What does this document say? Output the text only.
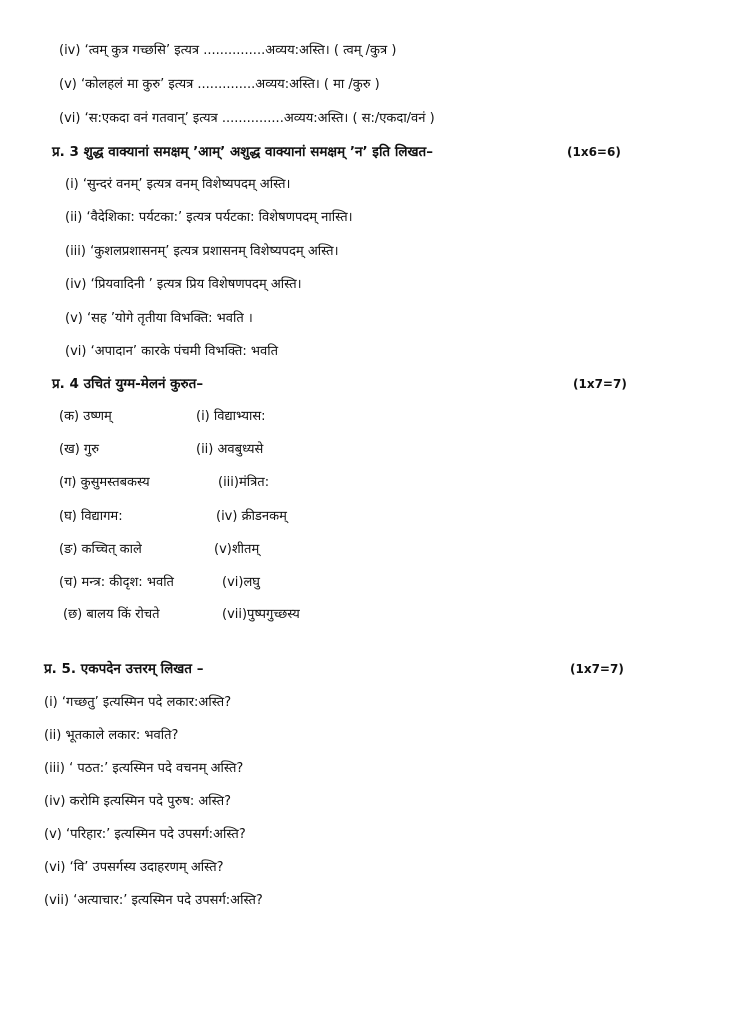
(iv) ‘त्वम् कुत्र गच्छसि’ इत्यत्र ...............अव्यय:अस्ति। ( त्वम् /कुत्र )
(v) ‘कोलहलं मा कुरु’ इत्यत्र ..............अव्यय:अस्ति। ( मा /कुरु )
(vi) ‘स:एकदा वनं गतवान्’ इत्यत्र ...............अव्यय:अस्ति। ( स:/एकदा/वनं )
प्र. 3 शुद्ध वाक्यानां समक्षम् ’आम्’ अशुद्ध वाक्यानां समक्षम् ’न’ इति लिखत–	(1x6=6)
(i) ‘सुन्दरं वनम्’ इत्यत्र वनम् विशेष्यपदम् अस्ति।
(ii) ‘वैदेशिका: पर्यटका:’ इत्यत्र पर्यटका: विशेषणपदम् नास्ति।
(iii) ‘कुशलप्रशासनम्’ इत्यत्र प्रशासनम् विशेष्यपदम् अस्ति।
(iv) ‘प्रियवादिनी ’ इत्यत्र प्रिय विशेषणपदम् अस्ति।
(v) ‘सह ’योगे तृतीया विभक्ति: भवति ।
(vi) ‘अपादान’ कारके पंचमी विभक्ति: भवति
प्र. 4 उचितं युग्म-मेलनं कुरुत–	(1x7=7)
(क) उष्णम्	(i) विद्याभ्यास:
(ख) गुरु	(ii) अवबुध्यसे
(ग) कुसुमस्तबकस्य	(iii)मंत्रित:
(घ) विद्यागम:	(iv) क्रीडनकम्
(ङ) कच्चित् काले	(v)शीतम्
(च) मन्त्र: कीदृश: भवति	(vi)लघु
(छ) बालय किं रोचते	(vii)पुष्पगुच्छस्य
प्र. 5. एकपदेन उत्तरम् लिखत –	(1x7=7)
(i) ‘गच्छतु’ इत्यस्मिन पदे लकार:अस्ति?
(ii) भूतकाले लकार: भवति?
(iii) ‘ पठत:’ इत्यस्मिन पदे वचनम् अस्ति?
(iv) करोमि इत्यस्मिन पदे पुरुष: अस्ति?
(v) ‘परिहार:’ इत्यस्मिन पदे उपसर्ग:अस्ति?
(vi) ‘वि’ उपसर्गस्य उदाहरणम् अस्ति?
(vii) ‘अत्याचार:’ इत्यस्मिन पदे उपसर्ग:अस्ति?
